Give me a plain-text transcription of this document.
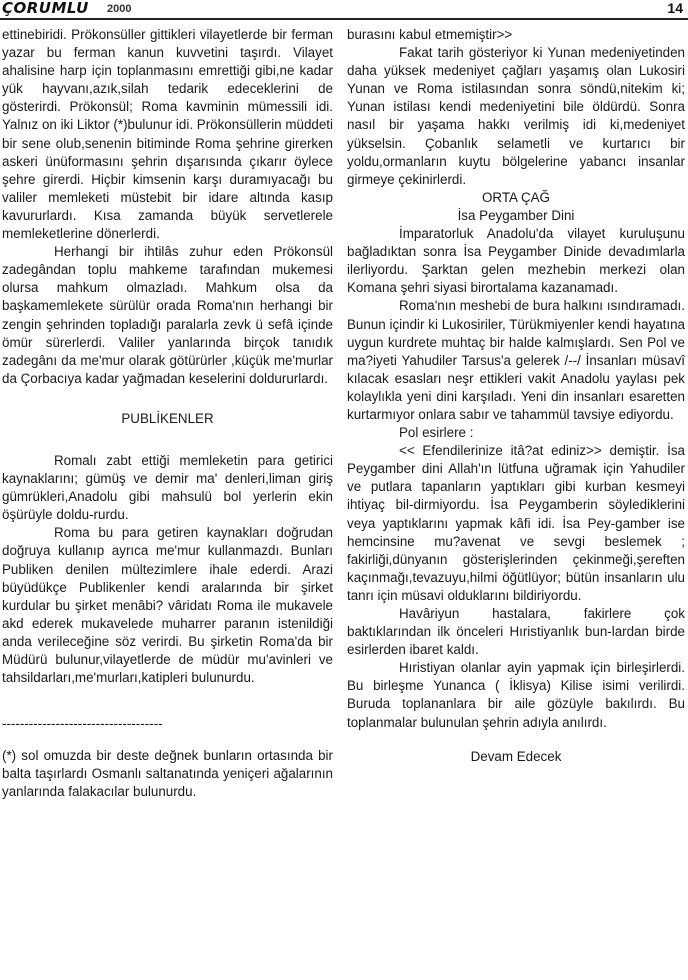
ÇORUMLU 2000	14

ettinebiridi. Prökonsüller gittikleri vilayetlerde bir ferman yazar bu ferman kanun kuvvetini taşırdı. Vilayet ahalisine harp için toplanmasını emrettiği gibi,ne kadar yük hayvanı,azık,silah tedarik edeceklerini de gösterirdi. Prökonsül; Roma kavminin mümessili idi. Yalnız on iki Liktor (*)bulunur idi. Prökonsüllerin müddeti bir sene olub,senenin bitiminde Roma şehrine girerken askeri ünüformasını şehrin dışarısında çıkarır öylece şehre girerdi. Hiçbir kimsenin karşı duramıyacağı bu valiler memleketi müstebit bir idare altında kasıp kavururlardı. Kısa zamanda büyük servetlerele memleketlerine dönerlerdi.

Herhangi bir ihtilâs zuhur eden Prökonsül zadegândan toplu mahkeme tarafından mukemesi olursa mahkum olmazladı. Mahkum olsa da başkamemlekete sürülür orada Roma'nın herhangi bir zengin şehrinden topladığı paralarla zevk ü sefâ içinde ömür sürerlerdi. Valiler yanlarında birçok tanıdık zadegânı da me'mur olarak götürürler ,küçük me'murlar da Çorbacıya kadar yağmadan keselerini doldururlardı.

PUBLİKENLER

Romalı zabt ettiği memleketin para getirici kaynaklarını; gümüş ve demir ma' denleri,liman giriş gümrükleri,Anadolu gibi mahsulü bol yerlerin ekin öşürüyle doldu-rurdu.

Roma bu para getiren kaynakları doğrudan doğruya kullanıp ayrıca me'mur kullanmazdı. Bunları Publiken denilen mültezimlere ihale ederdi. Arazi büyüdükçe Publikenler kendi aralarında bir şirket kurdular bu şirket menâbi? vâridatı Roma ile mukavele akd ederek mukavelede muharrer paranın istenildiği anda verileceğine söz verirdi. Bu şirketin Roma'da bir Müdürü bulunur,vilayetlerde de müdür mu'avinleri ve tahsildarları,me'murları,katipleri bulunurdu.

------------------------------------

(*) sol omuzda bir deste değnek bunların ortasında bir balta taşırlardı Osmanlı saltanatında yeniçeri ağalarının yanlarında falakacılar bulunurdu.

burasını kabul etmemiştir>>

Fakat tarih gösteriyor ki Yunan medeniyetinden daha yüksek medeniyet çağları yaşamış olan Lukosiri Yunan ve Roma istilasından sonra söndü,nitekim ki; Yunan istilası kendi medeniyetini bile öldürdü. Sonra nasıl bir yaşama hakkı verilmiş idi ki,medeniyet yükselsin. Çobanlık selametli ve kurtarıcı bir yoldu,ormanların kuytu bölgelerine yabancı insanlar girmeye çekinirlerdi.

ORTA ÇAĞ

İsa Peygamber Dini

İmparatorluk Anadolu'da vilayet kuruluşunu bağladıktan sonra İsa Peygamber Dinide devadımlarla ilerliyordu. Şarktan gelen mezhebin merkezi olan Komana şehri siyasi birortalama kazanamadı.

Roma'nın meshebi de bura halkını ısındıramadı. Bunun içindir ki Lukosiriler, Türükmiyenler kendi hayatına uygun kurdrete muhtaç bir halde kalmışlardı. Sen Pol ve ma?iyeti Yahudiler Tarsus'a gelerek /--/ İnsanları müsavî kılacak esasları neşr ettikleri vakit Anadolu yaylası pek kolaylıkla yeni dini karşıladı. Yeni din insanları esaretten kurtarmıyor onlara sabır ve tahammül tavsiye ediyordu.

Pol esirlere :

<< Efendilerinize itâ?at ediniz>> demiştir. İsa Peygamber dini Allah'ın lütfuna uğramak için Yahudiler ve putlara tapanların yaptıkları gibi kurban kesmeyi ihtiyaç bil-dirmiyordu. İsa Peygamberin söylediklerini veya yaptıklarını yapmak kâfi idi. İsa Pey-gamber ise hemcinsine mu?avenat ve sevgi beslemek ; fakirliği,dünyanın gösterişlerinden çekinmeği,şereften kaçınmağı,tevazuyu,hilmi öğütlüyor; bütün insanların ulu tanrı için müsavi olduklarını bildiriyordu.

Havâriyun hastalara, fakirlere çok baktıklarından ilk önceleri Hıristiyanlık bun-lardan birde esirlerden ibaret kaldı.

Hıristiyan olanlar ayin yapmak için birleşirlerdi. Bu birleşme Yunanca ( İklisya) Kilise isimi verilirdi. Buruda toplananlara bir aile gözüyle bakılırdı. Bu toplanmalar bulunulan şehrin adıyla anılırdı.

Devam Edecek
